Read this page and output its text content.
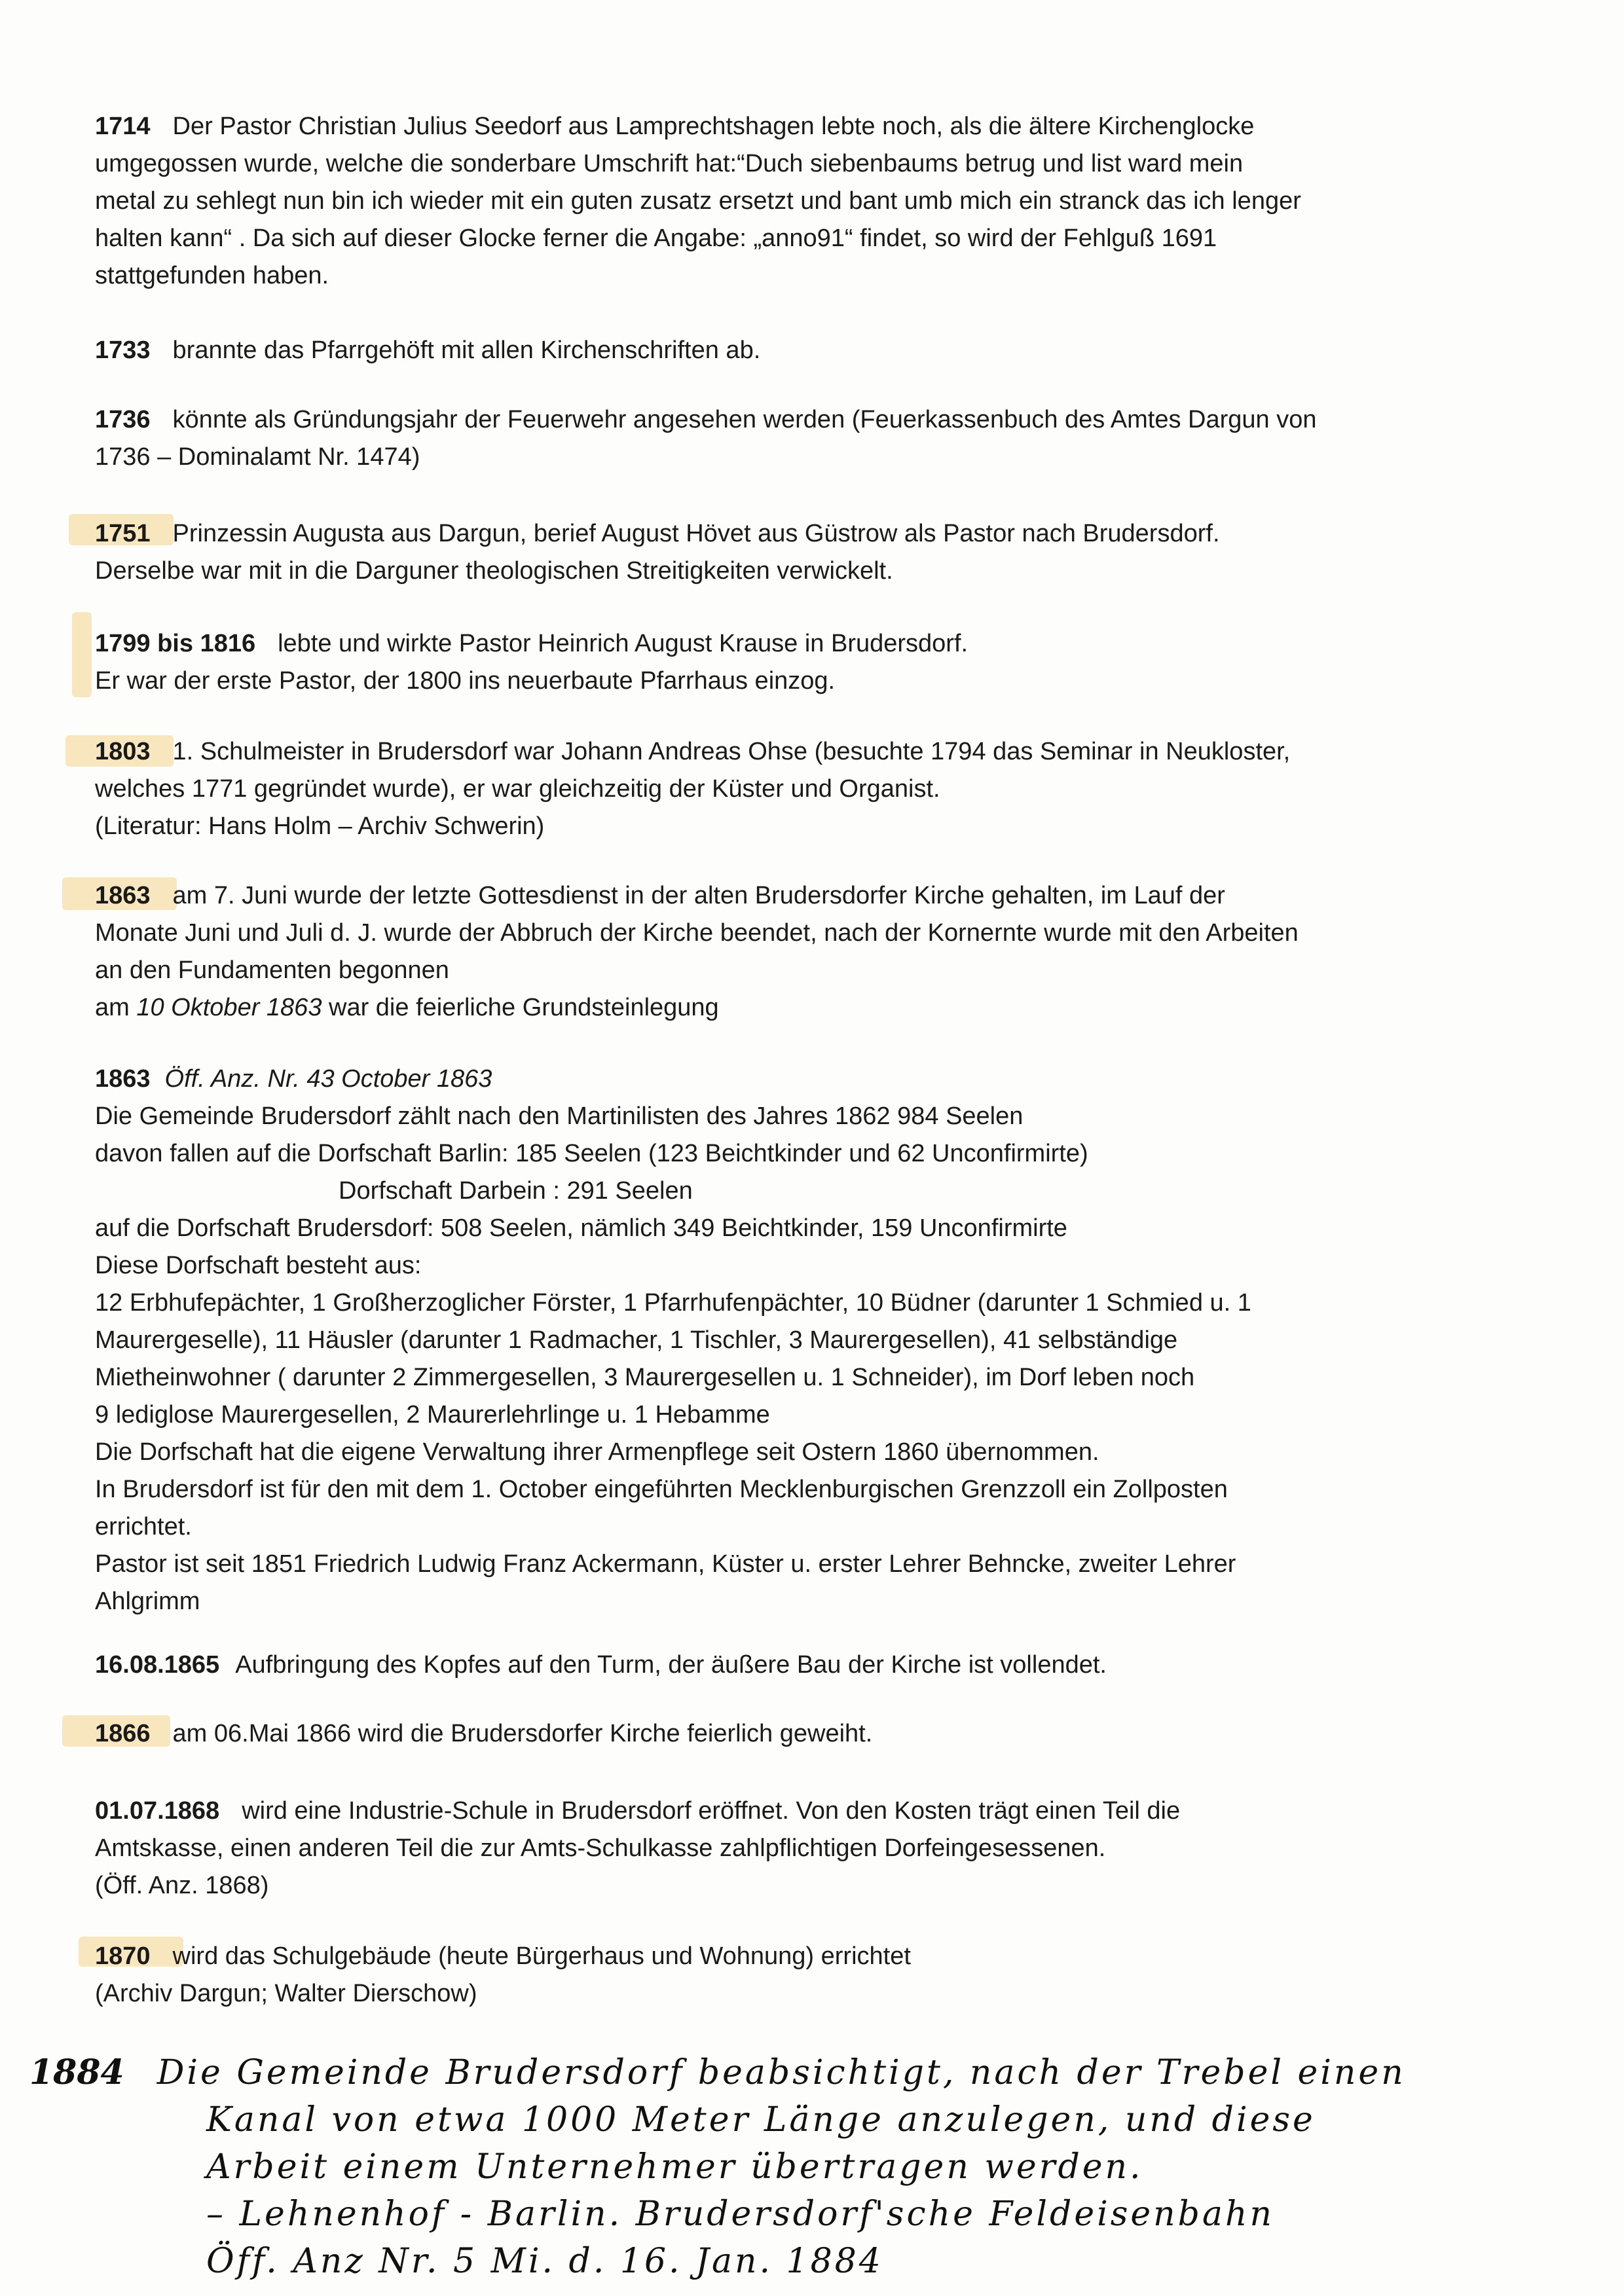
1714 Der Pastor Christian Julius Seedorf aus Lamprechtshagen lebte noch, als die ältere Kirchenglocke

umgegossen wurde, welche die sonderbare Umschrift hat:“Duch siebenbaums betrug und list ward mein

metal zu sehlegt nun bin ich wieder mit ein guten zusatz ersetzt und bant umb mich ein stranck das ich lenger

halten kann“ . Da sich auf dieser Glocke ferner die Angabe: „anno91“ findet, so wird der Fehlguß 1691

stattgefunden haben.

1733 brannte das Pfarrgehöft mit allen Kirchenschriften ab.

1736 könnte als Gründungsjahr der Feuerwehr angesehen werden (Feuerkassenbuch des Amtes Dargun von

1736 – Dominalamt Nr. 1474)

1751 Prinzessin Augusta aus Dargun, berief August Hövet aus Güstrow als Pastor nach Brudersdorf.

Derselbe war mit in die Darguner theologischen Streitigkeiten verwickelt.

1799 bis 1816 lebte und wirkte Pastor Heinrich August Krause in Brudersdorf.

Er war der erste Pastor, der 1800 ins neuerbaute Pfarrhaus einzog.

1803 1. Schulmeister in Brudersdorf war Johann Andreas Ohse (besuchte 1794 das Seminar in Neukloster,

welches 1771 gegründet wurde), er war gleichzeitig der Küster und Organist.

(Literatur: Hans Holm – Archiv Schwerin)

1863 am 7. Juni wurde der letzte Gottesdienst in der alten Brudersdorfer Kirche gehalten, im Lauf der

Monate Juni und Juli d. J. wurde der Abbruch der Kirche beendet, nach der Kornernte wurde mit den Arbeiten

an den Fundamenten begonnen

am 10 Oktober 1863 war die feierliche Grundsteinlegung

1863 Öff. Anz. Nr. 43 October 1863

Die Gemeinde Brudersdorf zählt nach den Martinilisten des Jahres 1862 984 Seelen

davon fallen auf die Dorfschaft Barlin: 185 Seelen (123 Beichtkinder und 62 Unconfirmirte)

Dorfschaft Darbein : 291 Seelen

auf die Dorfschaft Brudersdorf: 508 Seelen, nämlich 349 Beichtkinder, 159 Unconfirmirte

Diese Dorfschaft besteht aus:

12 Erbhufepächter, 1 Großherzoglicher Förster, 1 Pfarrhufenpächter, 10 Büdner (darunter 1 Schmied u. 1

Maurergeselle), 11 Häusler (darunter 1 Radmacher, 1 Tischler, 3 Maurergesellen), 41 selbständige

Mietheinwohner ( darunter 2 Zimmergesellen, 3 Maurergesellen u. 1 Schneider), im Dorf leben noch

9 lediglose Maurergesellen, 2 Maurerlehrlinge u. 1 Hebamme

Die Dorfschaft hat die eigene Verwaltung ihrer Armenpflege seit Ostern 1860 übernommen.

In Brudersdorf ist für den mit dem 1. October eingeführten Mecklenburgischen Grenzzoll ein Zollposten

errichtet.

Pastor ist seit 1851 Friedrich Ludwig Franz Ackermann, Küster u. erster Lehrer Behncke, zweiter Lehrer

Ahlgrimm

16.08.1865 Aufbringung des Kopfes auf den Turm, der äußere Bau der Kirche ist vollendet.

1866 am 06.Mai 1866 wird die Brudersdorfer Kirche feierlich geweiht.

01.07.1868 wird eine Industrie-Schule in Brudersdorf eröffnet. Von den Kosten trägt einen Teil die

Amtskasse, einen anderen Teil die zur Amts-Schulkasse zahlpflichtigen Dorfeingesessenen.

(Öff. Anz. 1868)

1870 wird das Schulgebäude (heute Bürgerhaus und Wohnung) errichtet

(Archiv Dargun; Walter Dierschow)

1884 Die Gemeinde Brudersdorf beabsichtigt, nach der Trebel einen

Kanal von etwa 1000 Meter Länge anzulegen, und diese

Arbeit einem Unternehmer übertragen werden.

– Lehnenhof - Barlin. Brudersdorf'sche Feldeisenbahn

Öff. Anz Nr. 5 Mi. d. 16. Jan. 1884
